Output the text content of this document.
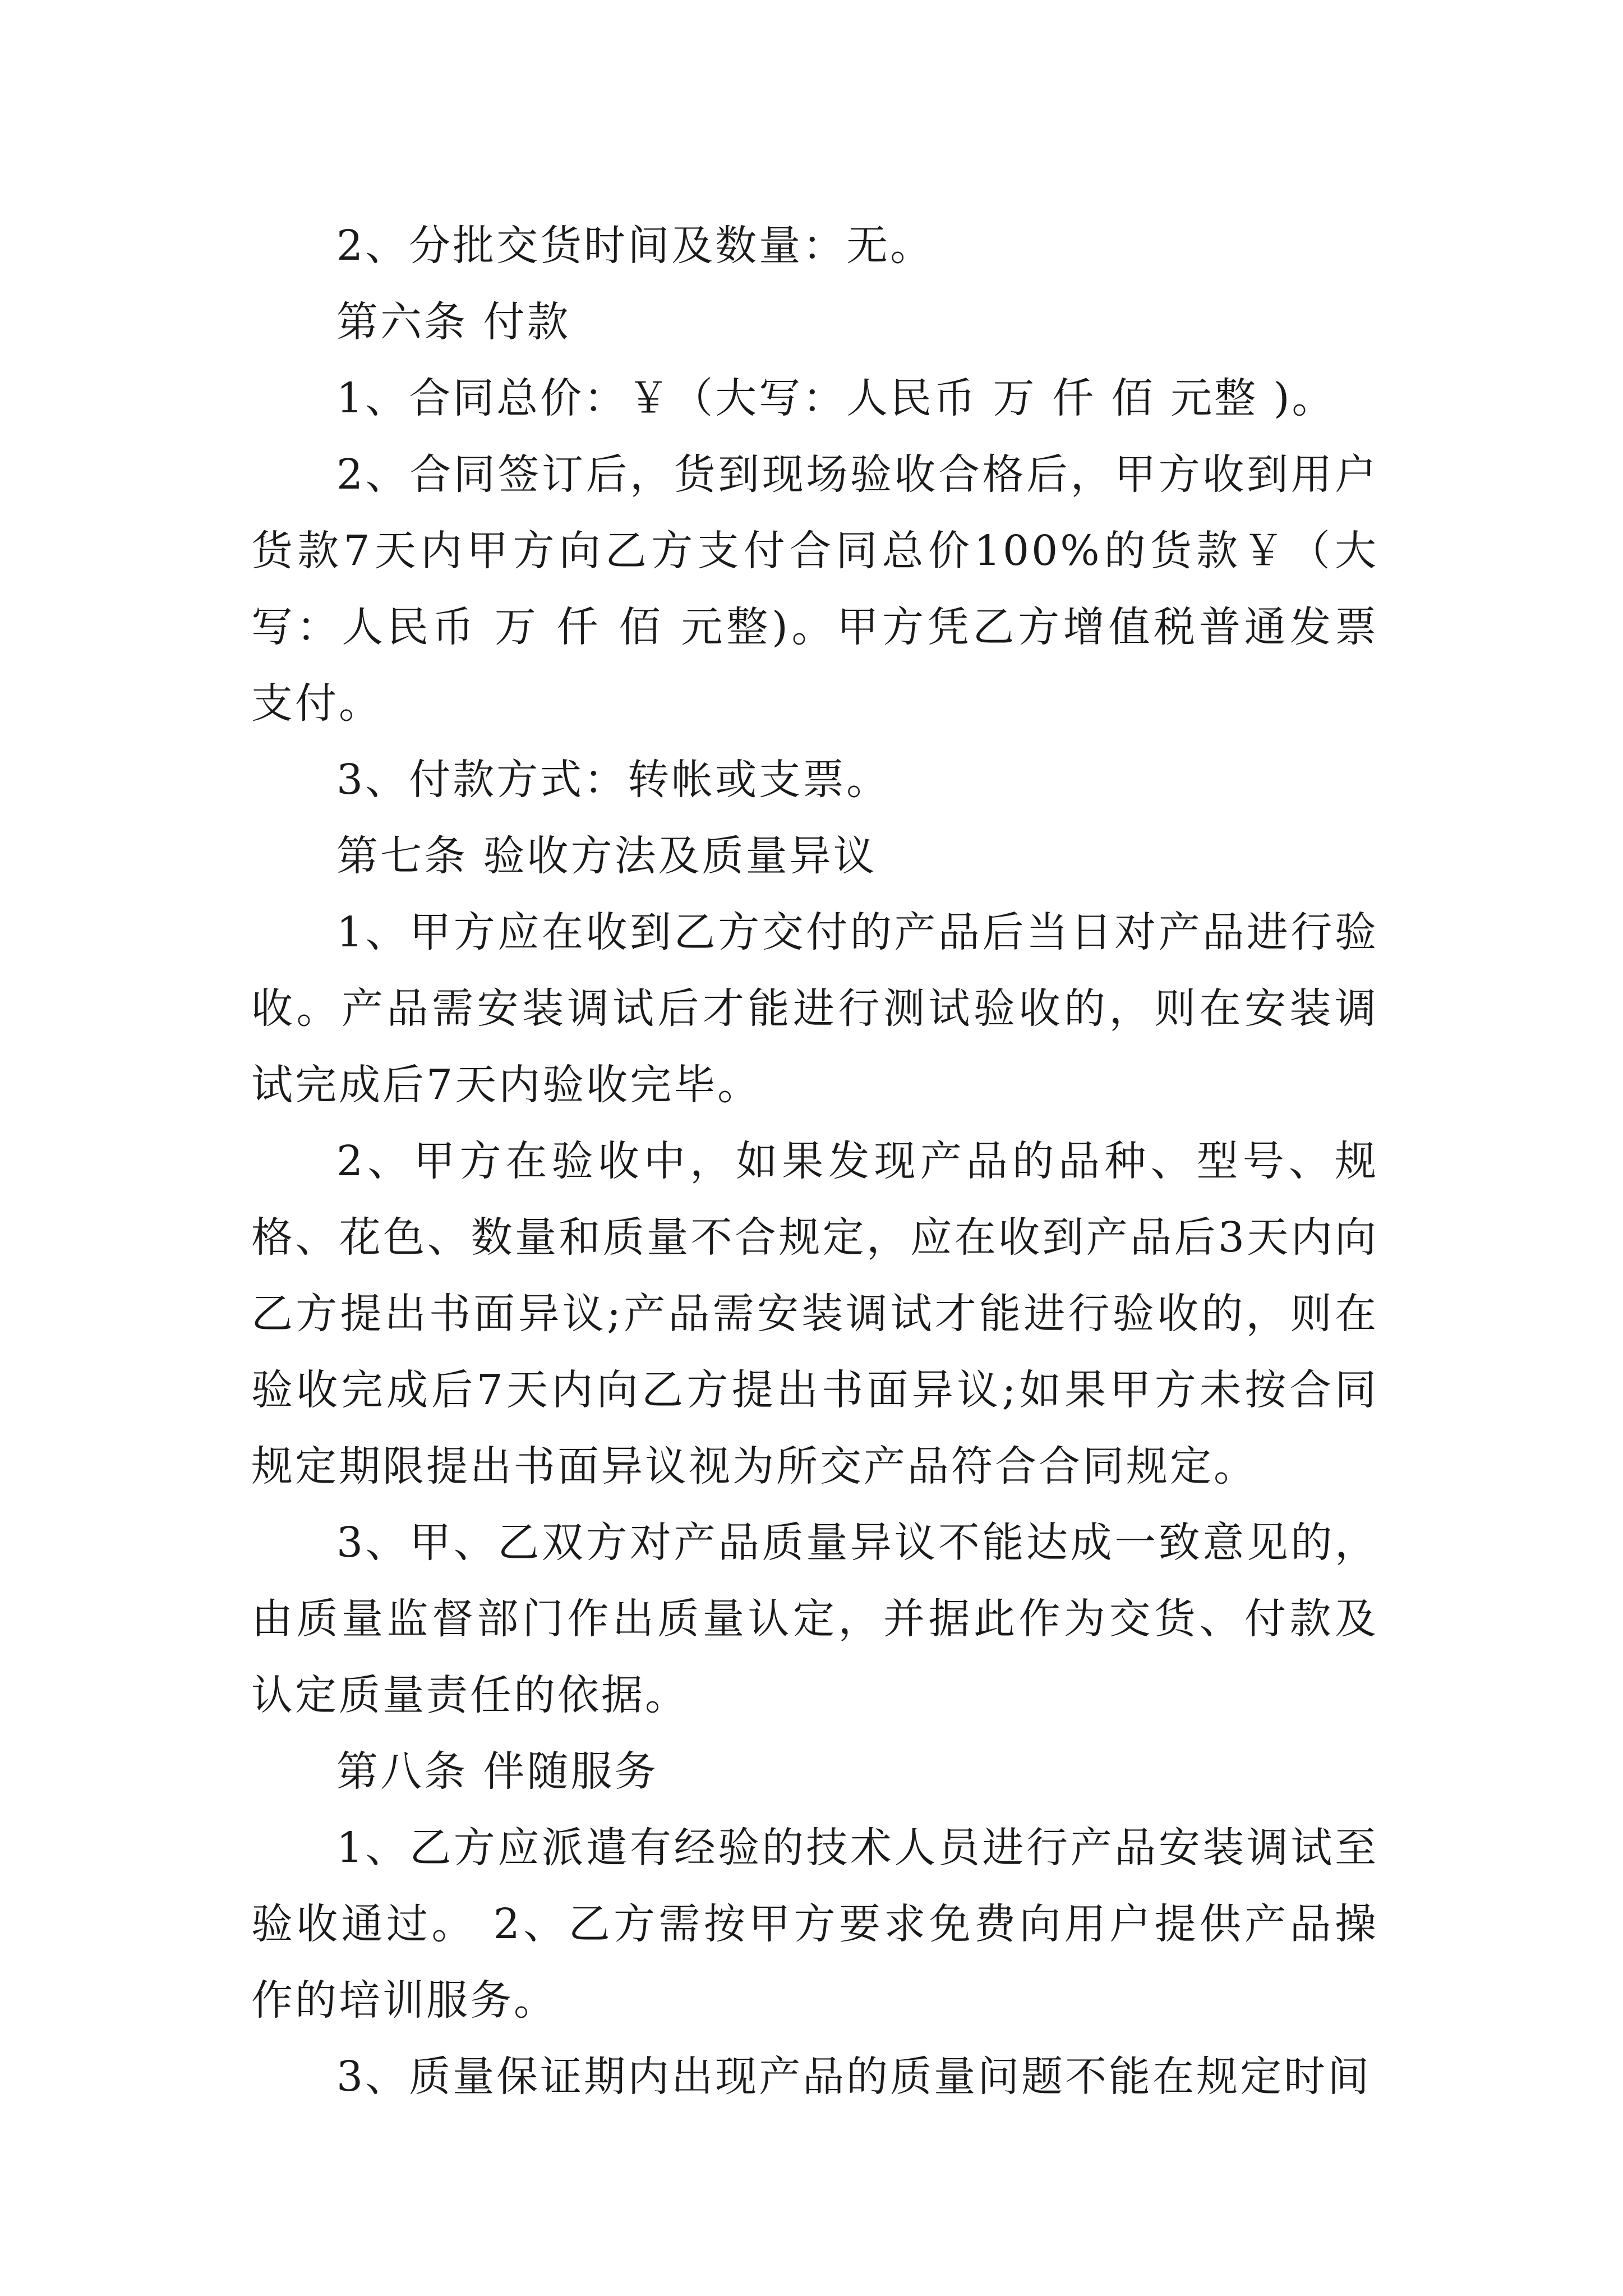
2、分批交货时间及数量：无。

第六条 付款

1、合同总价：￥（大写：人民币 万 仟 佰 元整 )。

2、合同签订后，货到现场验收合格后，甲方收到用户货款7天内甲方向乙方支付合同总价100%的货款￥（大写：人民币 万 仟 佰 元整)。甲方凭乙方增值税普通发票支付。

3、付款方式：转帐或支票。

第七条 验收方法及质量异议

1、甲方应在收到乙方交付的产品后当日对产品进行验收。产品需安装调试后才能进行测试验收的，则在安装调试完成后7天内验收完毕。

2、甲方在验收中，如果发现产品的品种、型号、规格、花色、数量和质量不合规定，应在收到产品后3天内向乙方提出书面异议;产品需安装调试才能进行验收的，则在验收完成后7天内向乙方提出书面异议;如果甲方未按合同规定期限提出书面异议视为所交产品符合合同规定。

3、甲、乙双方对产品质量异议不能达成一致意见的，由质量监督部门作出质量认定，并据此作为交货、付款及认定质量责任的依据。

第八条 伴随服务

1、乙方应派遣有经验的技术人员进行产品安装调试至验收通过。 2、乙方需按甲方要求免费向用户提供产品操作的培训服务。

3、质量保证期内出现产品的质量问题不能在规定时间
